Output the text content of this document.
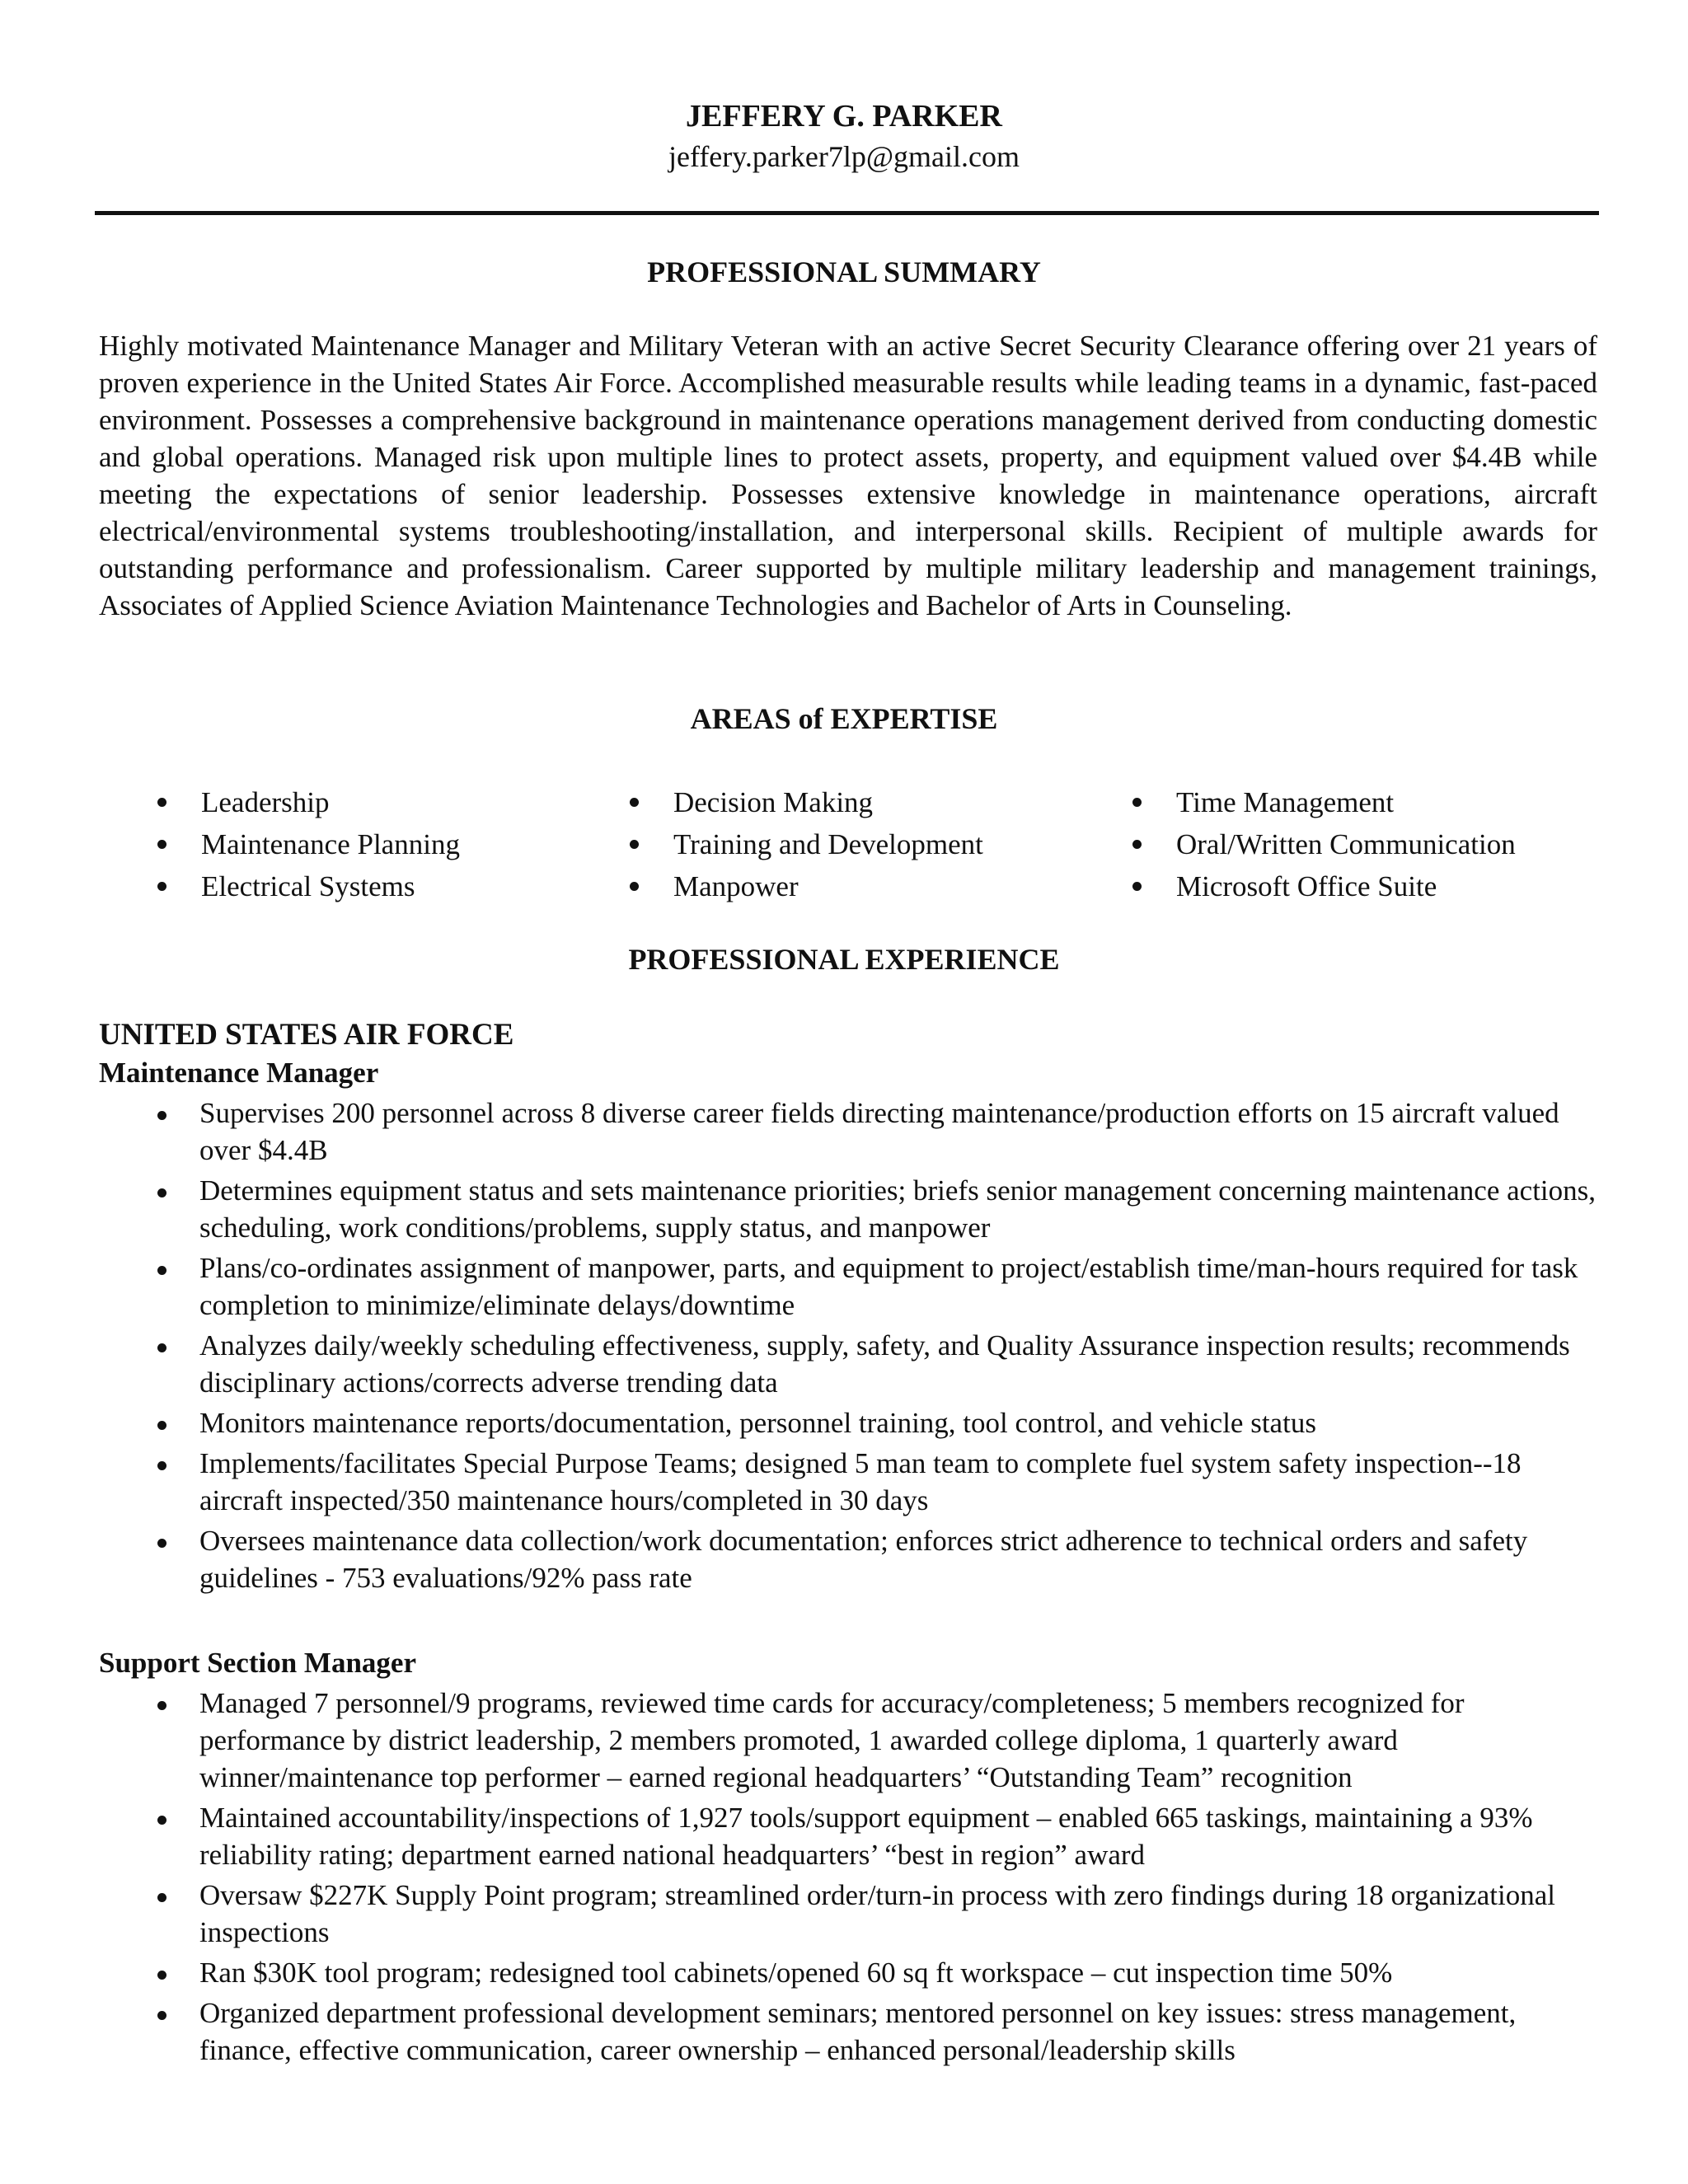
JEFFERY G. PARKER
jeffery.parker7lp@gmail.com
PROFESSIONAL SUMMARY

Highly motivated Maintenance Manager and Military Veteran with an active Secret Security Clearance offering over 21 years of proven experience in the United States Air Force. Accomplished measurable results while leading teams in a dynamic, fast-paced environment. Possesses a comprehensive background in maintenance operations management derived from conducting domestic and global operations. Managed risk upon multiple lines to protect assets, property, and equipment valued over $4.4B while meeting the expectations of senior leadership. Possesses extensive knowledge in maintenance operations, aircraft electrical/environmental systems troubleshooting/installation, and interpersonal skills. Recipient of multiple awards for outstanding performance and professionalism. Career supported by multiple military leadership and management trainings, Associates of Applied Science Aviation Maintenance Technologies and Bachelor of Arts in Counseling.

AREAS of EXPERTISE
Leadership
Maintenance Planning
Electrical Systems
Decision Making
Training and Development
Manpower
Time Management
Oral/Written Communication
Microsoft Office Suite
PROFESSIONAL EXPERIENCE
UNITED STATES AIR FORCE
Maintenance Manager
Supervises 200 personnel across 8 diverse career fields directing maintenance/production efforts on 15 aircraft valued over $4.4B
Determines equipment status and sets maintenance priorities; briefs senior management concerning maintenance actions, scheduling, work conditions/problems, supply status, and manpower
Plans/co-ordinates assignment of manpower, parts, and equipment to project/establish time/man-hours required for task completion to minimize/eliminate delays/downtime
Analyzes daily/weekly scheduling effectiveness, supply, safety, and Quality Assurance inspection results; recommends disciplinary actions/corrects adverse trending data
Monitors maintenance reports/documentation, personnel training, tool control, and vehicle status
Implements/facilitates Special Purpose Teams; designed 5 man team to complete fuel system safety inspection--18 aircraft inspected/350 maintenance hours/completed in 30 days
Oversees maintenance data collection/work documentation; enforces strict adherence to technical orders and safety guidelines - 753 evaluations/92% pass rate
Support Section Manager
Managed 7 personnel/9 programs, reviewed time cards for accuracy/completeness; 5 members recognized for performance by district leadership, 2 members promoted, 1 awarded college diploma, 1 quarterly award winner/maintenance top performer – earned regional headquarters’ “Outstanding Team” recognition
Maintained accountability/inspections of 1,927 tools/support equipment – enabled 665 taskings, maintaining a 93% reliability rating; department earned national headquarters’ “best in region” award
Oversaw $227K Supply Point program; streamlined order/turn-in process with zero findings during 18 organizational inspections
Ran $30K tool program; redesigned tool cabinets/opened 60 sq ft workspace – cut inspection time 50%
Organized department professional development seminars; mentored personnel on key issues: stress management, finance, effective communication, career ownership – enhanced personal/leadership skills
